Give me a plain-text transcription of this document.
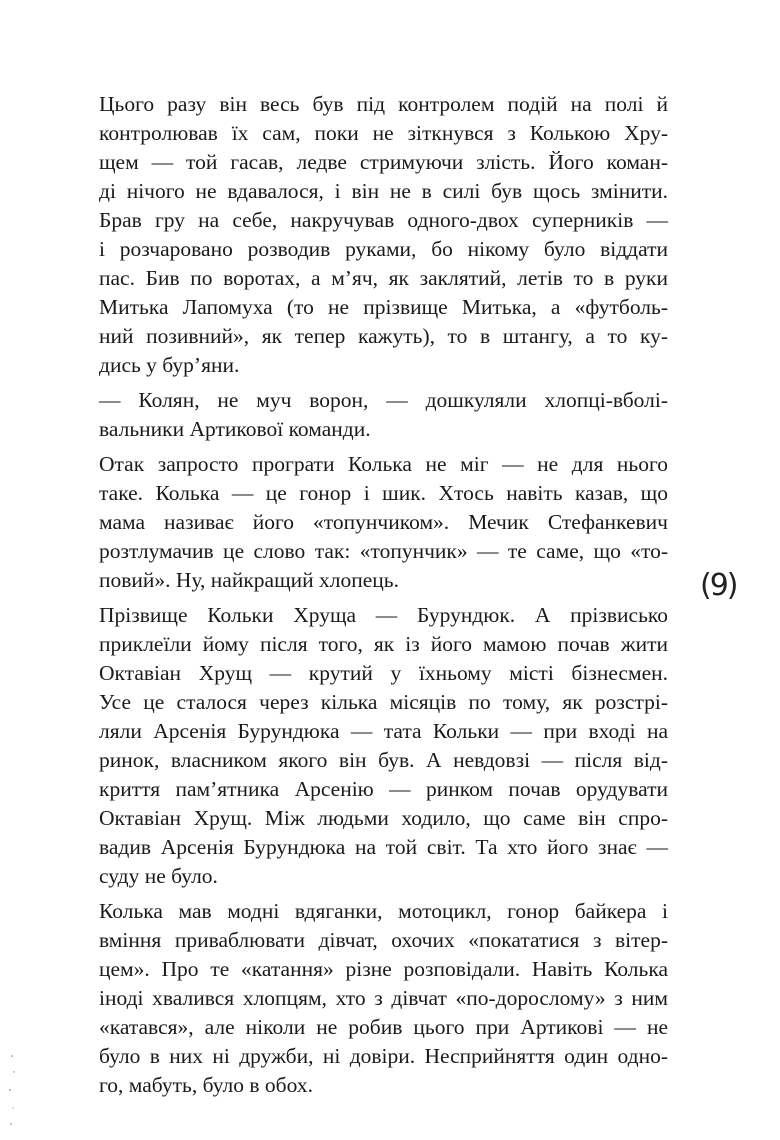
Цього разу він весь був під контролем подій на полі й
контролював їх сам, поки не зіткнувся з Колькою Хру-
щем — той гасав, ледве стримуючи злість. Його коман-
ді нічого не вдавалося, і він не в силі був щось змінити.
Брав гру на себе, накручував одного-двох суперників —
і розчаровано розводив руками, бо нікому було віддати
пас. Бив по воротах, а м’яч, як заклятий, летів то в руки
Митька Лапомуха (то не прізвище Митька, а «футболь-
ний позивний», як тепер кажуть), то в штангу, а то ку-
дись у бур’яни.

— Колян, не муч ворон, — дошкуляли хлопці-вболі-
вальники Артикової команди.

Отак запросто програти Колька не міг — не для нього
таке. Колька — це гонор і шик. Хтось навіть казав, що
мама називає його «топунчиком». Мечик Стефанкевич
розтлумачив це слово так: «топунчик» — те саме, що «то-
повий». Ну, найкращий хлопець.

Прізвище Кольки Хруща — Бурундюк. А прізвисько
приклеїли йому після того, як із його мамою почав жити
Октавіан Хрущ — крутий у їхньому місті бізнесмен.
Усе це сталося через кілька місяців по тому, як розстрі-
ляли Арсенія Бурундюка — тата Кольки — при вході на
ринок, власником якого він був. А невдовзі — після від-
криття пам’ятника Арсенію — ринком почав орудувати
Октавіан Хрущ. Між людьми ходило, що саме він спро-
вадив Арсенія Бурундюка на той світ. Та хто його знає —
суду не було.

Колька мав модні вдяганки, мотоцикл, гонор байкера і
вміння приваблювати дівчат, охочих «покататися з вітер-
цем». Про те «катання» різне розповідали. Навіть Колька
іноді хвалився хлопцям, хто з дівчат «по-дорослому» з ним
«катався», але ніколи не робив цього при Артикові — не
було в них ні дружби, ні довіри. Несприйняття один одно-
го, мабуть, було в обох.

(9)
